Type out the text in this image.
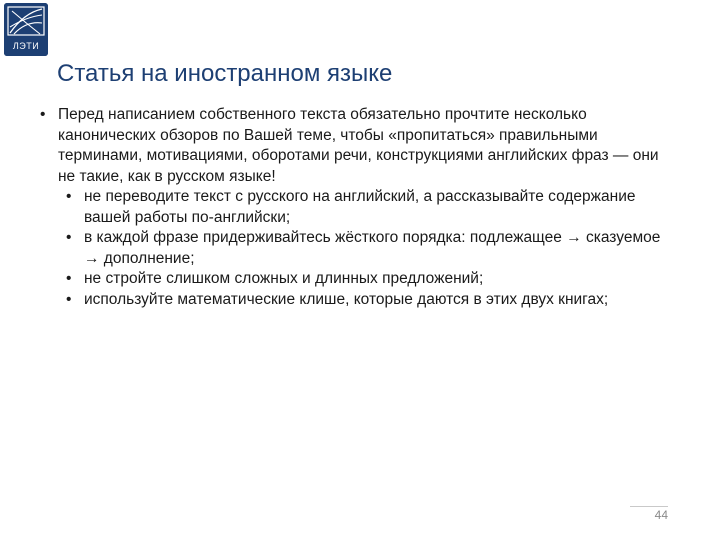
ЛЭТИ
Статья на иностранном языке
• Перед написанием собственного текста обязательно прочтите несколько канонических обзоров по Вашей теме, чтобы «пропитаться» правильными терминами, мотивациями, оборотами речи, конструкциями английских фраз — они не такие, как в русском языке!
• не переводите текст с русского на английский, а рассказывайте содержание вашей работы по-английски;
• в каждой фразе придерживайтесь жёсткого порядка: подлежащее → сказуемое → дополнение;
• не стройте слишком сложных и длинных предложений;
• используйте математические клише, которые даются в этих двух книгах;
44
